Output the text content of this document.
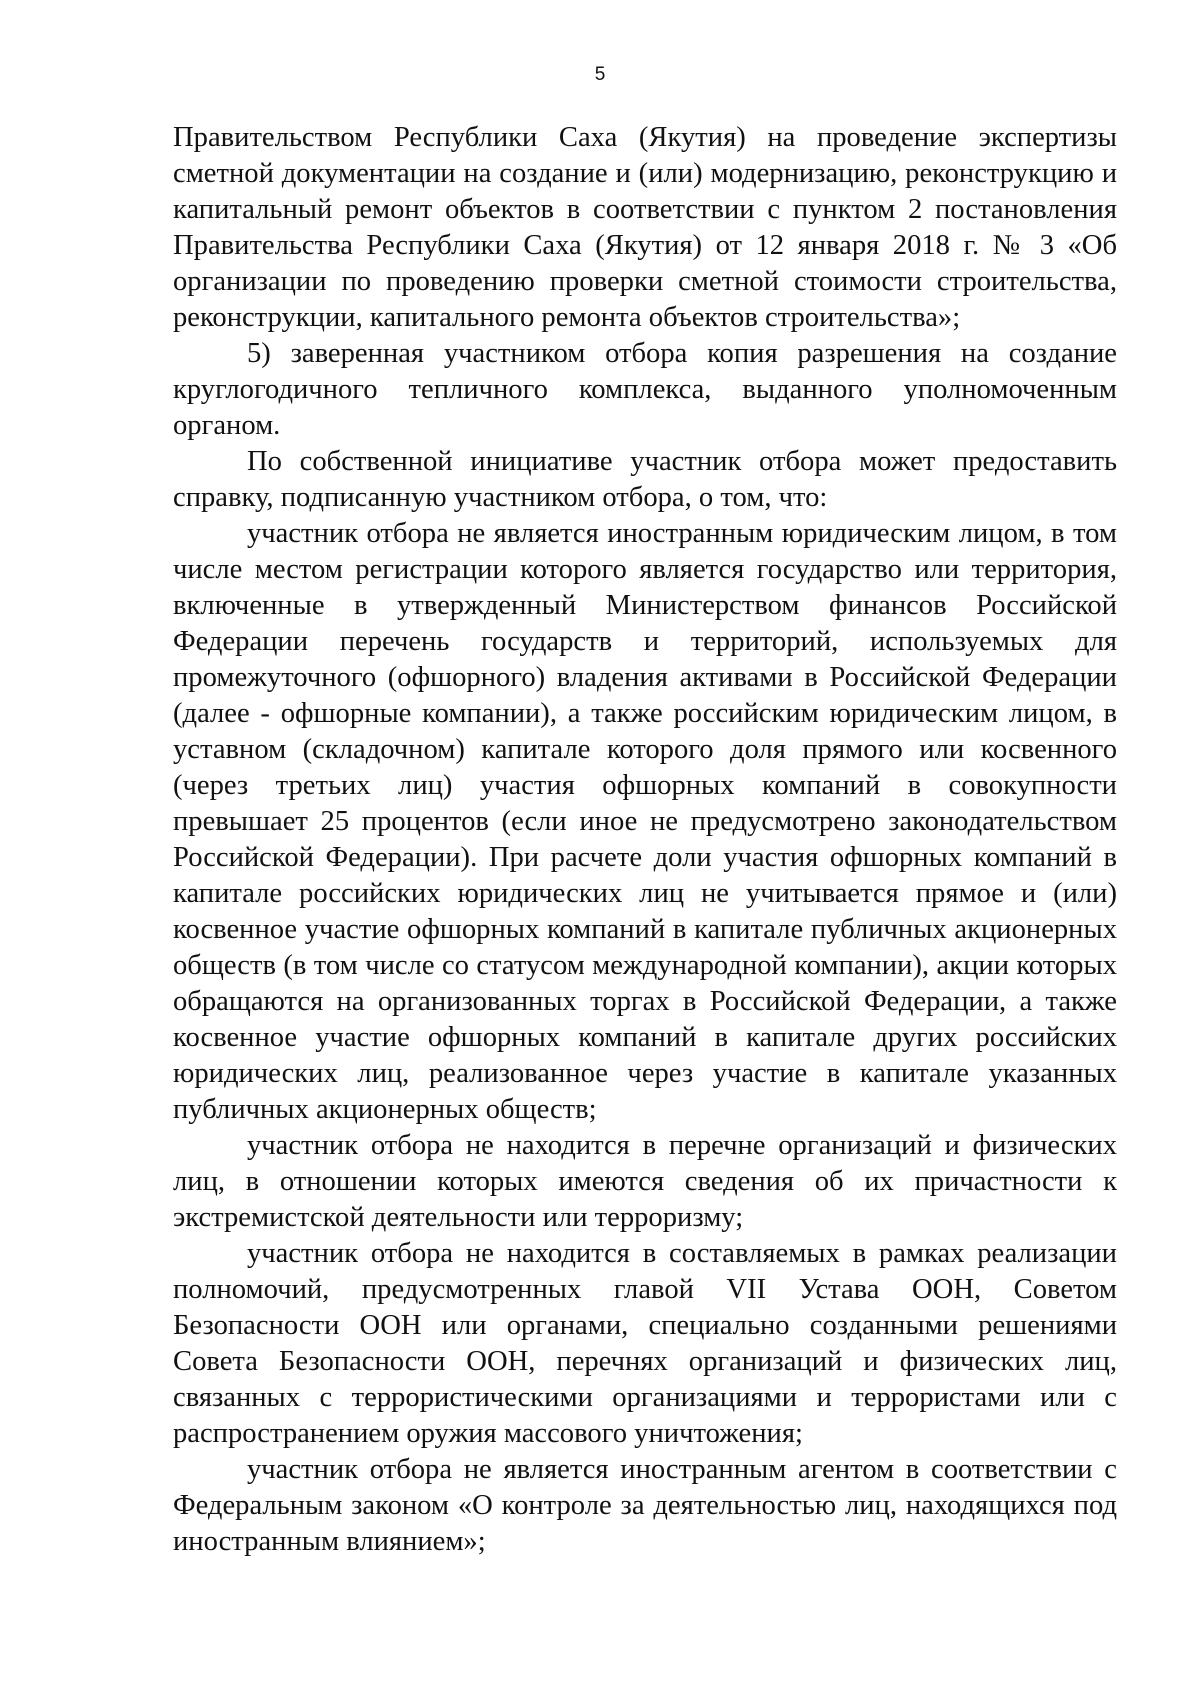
5

Правительством Республики Саха (Якутия) на проведение экспертизы сметной документации на создание и (или) модернизацию, реконструкцию и капитальный ремонт объектов в соответствии с пунктом 2 постановления Правительства Республики Саха (Якутия) от 12 января 2018 г. № 3 «Об организации по проведению проверки сметной стоимости строительства, реконструкции, капитального ремонта объектов строительства»;

5) заверенная участником отбора копия разрешения на создание круглогодичного тепличного комплекса, выданного уполномоченным органом.

По собственной инициативе участник отбора может предоставить справку, подписанную участником отбора, о том, что:

участник отбора не является иностранным юридическим лицом, в том числе местом регистрации которого является государство или территория, включенные в утвержденный Министерством финансов Российской Федерации перечень государств и территорий, используемых для промежуточного (офшорного) владения активами в Российской Федерации (далее - офшорные компании), а также российским юридическим лицом, в уставном (складочном) капитале которого доля прямого или косвенного (через третьих лиц) участия офшорных компаний в совокупности превышает 25 процентов (если иное не предусмотрено законодательством Российской Федерации). При расчете доли участия офшорных компаний в капитале российских юридических лиц не учитывается прямое и (или) косвенное участие офшорных компаний в капитале публичных акционерных обществ (в том числе со статусом международной компании), акции которых обращаются на организованных торгах в Российской Федерации, а также косвенное участие офшорных компаний в капитале других российских юридических лиц, реализованное через участие в капитале указанных публичных акционерных обществ;

участник отбора не находится в перечне организаций и физических лиц, в отношении которых имеются сведения об их причастности к экстремистской деятельности или терроризму;

участник отбора не находится в составляемых в рамках реализации полномочий, предусмотренных главой VII Устава ООН, Советом Безопасности ООН или органами, специально созданными решениями Совета Безопасности ООН, перечнях организаций и физических лиц, связанных с террористическими организациями и террористами или с распространением оружия массового уничтожения;

участник отбора не является иностранным агентом в соответствии с Федеральным законом «О контроле за деятельностью лиц, находящихся под иностранным влиянием»;
